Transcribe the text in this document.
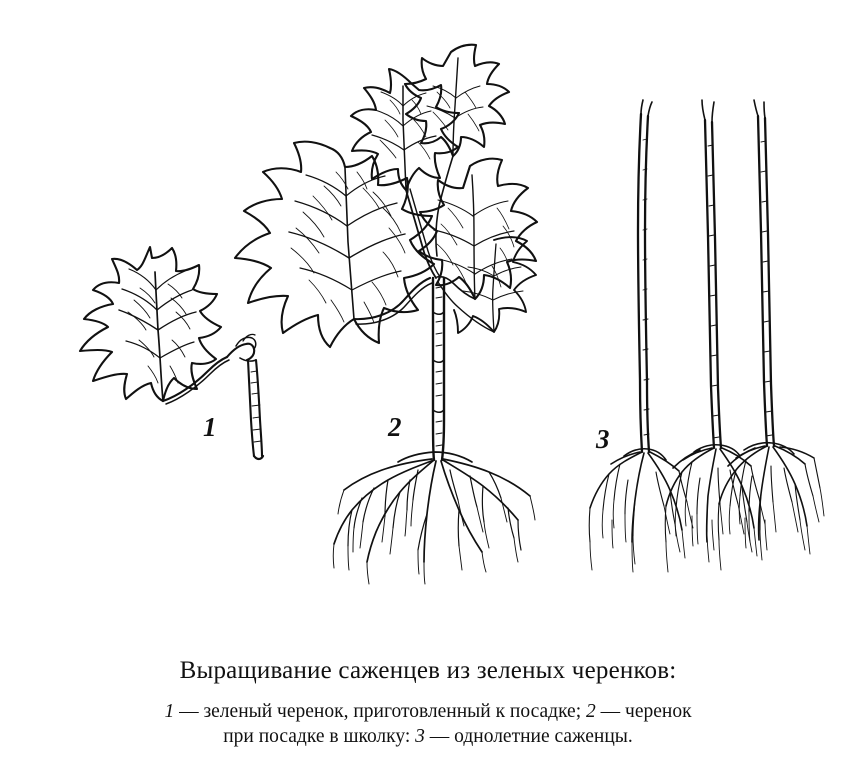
1	2	3
Выращивание саженцев из зеленых черенков:
1 — зеленый черенок, приготовленный к посадке; 2 — черенок
при посадке в школку: 3 — однолетние саженцы.
